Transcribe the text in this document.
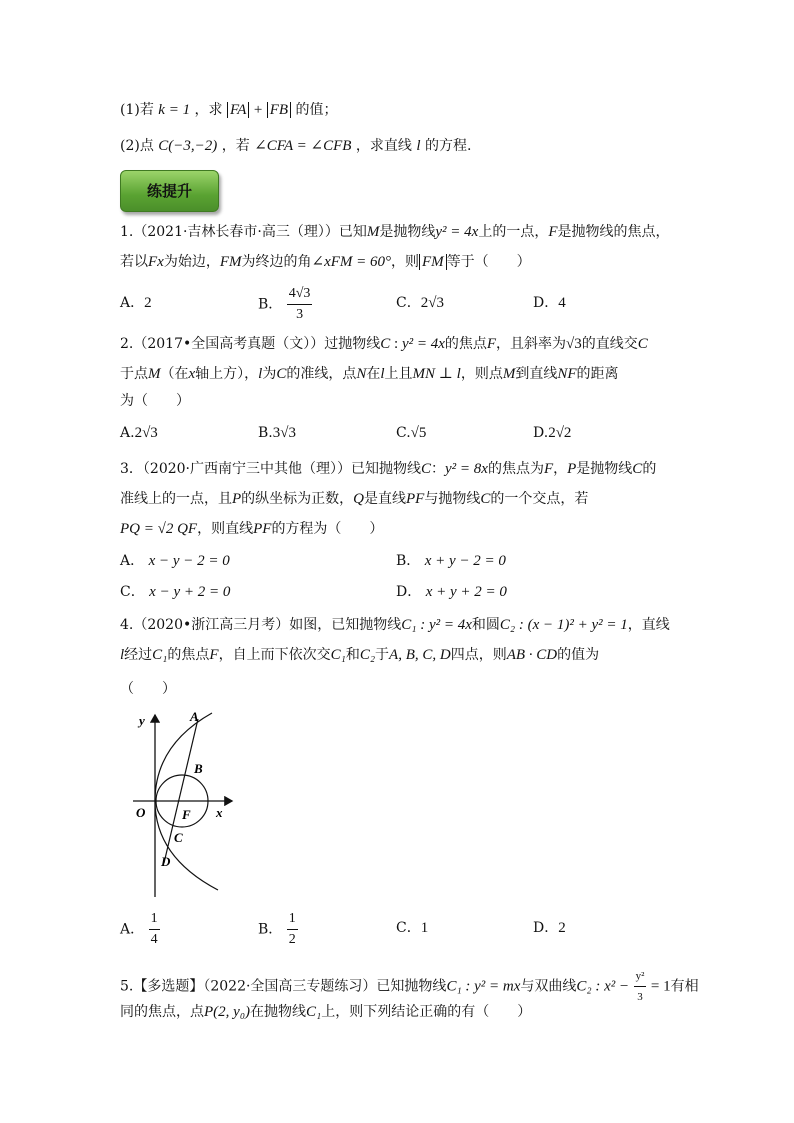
(1)若 k = 1 ，求 FA + FB 的值；
(2)点 C(−3,−2) ，若 ∠CFA = ∠CFB ，求直线 l 的方程.
练提升
1.（2021·吉林长春市·高三（理））已知M是抛物线y² = 4x上的一点，F是抛物线的焦点，
若以Fx为始边，FM为终边的角∠xFM = 60°，则 FM 等于（　　）
A．2	B． $\frac{4√3}{3}$	C．2√3	D．4
2.（2017•全国高考真题（文））过抛物线C : y² = 4x的焦点F，且斜率为√3的直线交C
于点M（在x轴上方），l为C的准线，点N在l上且MN ⊥ l，则点M到直线NF的距离
为（　　）
A.2√3	B.3√3	C.√5	D.2√2
3．（2020·广西南宁三中其他（理））已知抛物线C：y² = 8x的焦点为F，P是抛物线C的
准线上的一点，且P的纵坐标为正数，Q是直线PF与抛物线C的一个交点，若
PQ = √2 QF，则直线PF的方程为（　　）
A． x − y − 2 = 0	B． x + y − 2 = 0
C． x − y + 2 = 0	D． x + y + 2 = 0
4.（2020•浙江高三月考）如图，已知抛物线C₁ : y² = 4x和圆C₂ : (x − 1)² + y² = 1，直线
l经过C₁的焦点F，自上而下依次交C₁和C₂于A, B, C, D四点，则AB · CD的值为
（　　）
A
B
F
C
D
O	x
y
A． $\frac{1}{4}$	B． $\frac{1}{2}$	C．1	D．2
5.【多选题】（2022·全国高三专题练习）已知抛物线C₁ : y² = mx与双曲线C₂ : $x^2 - \frac{\text{y²}}{3} = 1$有相
同的焦点，点P(2, y₀)在抛物线C₁上，则下列结论正确的有（　　）
